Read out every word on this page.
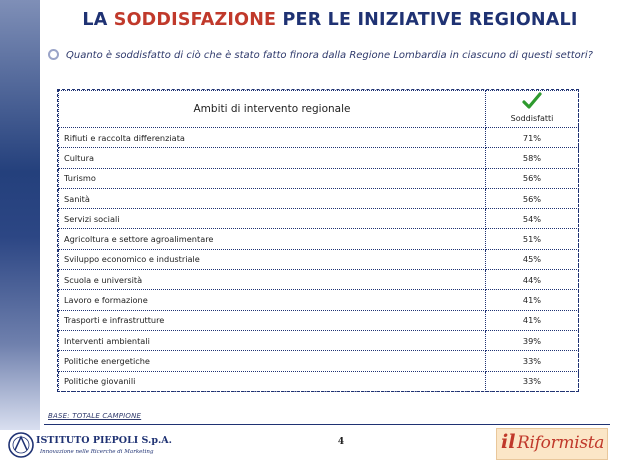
LA SODDISFAZIONE PER LE INIZIATIVE REGIONALI
Quanto è soddisfatto di ciò che è stato fatto finora dalla Regione Lombardia in ciascuno di questi settori?
Ambiti di intervento regionale	Soddisfatti
Rifiuti e raccolta differenziata	71%
Cultura	58%
Turismo	56%
Sanità	56%
Servizi sociali	54%
Agricoltura e settore agroalimentare	51%
Sviluppo economico e industriale	45%
Scuola e università	44%
Lavoro e formazione	41%
Trasporti e infrastrutture	41%
Interventi ambientali	39%
Politiche energetiche	33%
Politiche giovanili	33%
BASE: TOTALE CAMPIONE
4
ISTITUTO PIEPOLI S.p.A.
Innovazione nelle Ricerche di Marketing	il Riformista
